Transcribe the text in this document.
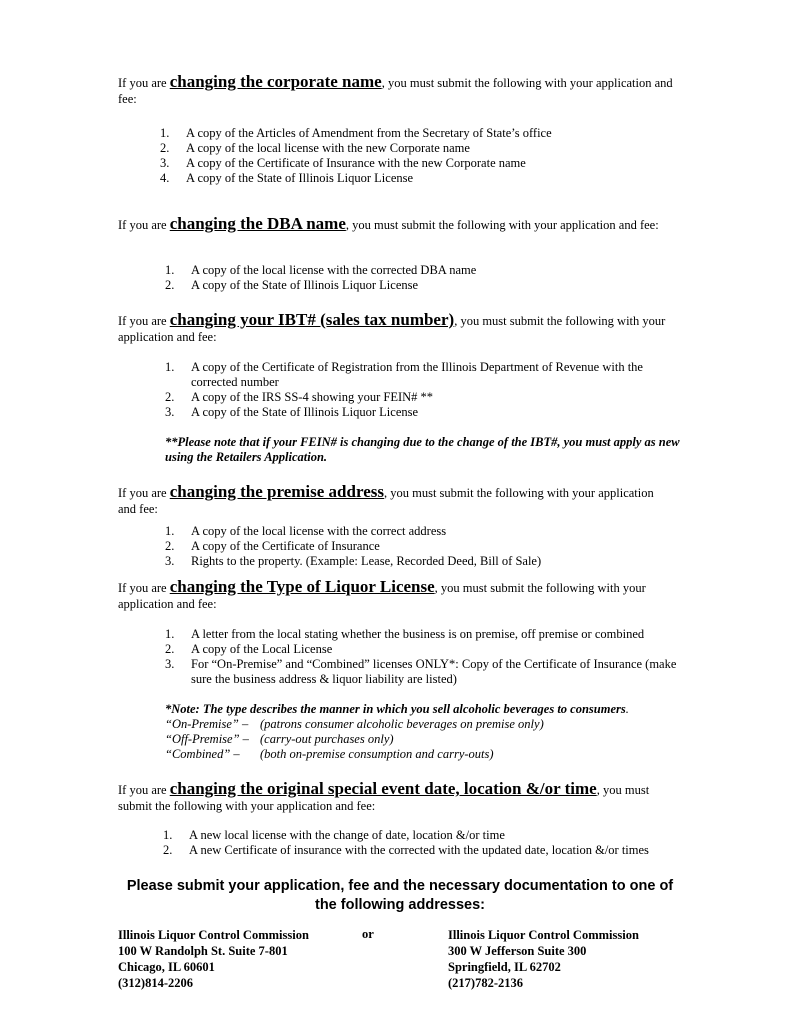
If you are changing the corporate name, you must submit the following with your application and fee:
1. A copy of the Articles of Amendment from the Secretary of State’s office
2. A copy of the local license with the new Corporate name
3. A copy of the Certificate of Insurance with the new Corporate name
4. A copy of the State of Illinois Liquor License
If you are changing the DBA name, you must submit the following with your application and fee:
1. A copy of the local license with the corrected DBA name
2. A copy of the State of Illinois Liquor License
If you are changing your IBT# (sales tax number), you must submit the following with your application and fee:
1. A copy of the Certificate of Registration from the Illinois Department of Revenue with the corrected number
2. A copy of the IRS SS-4 showing your FEIN# **
3. A copy of the State of Illinois Liquor License
**Please note that if your FEIN# is changing due to the change of the IBT#, you must apply as new using the Retailers Application.
If you are changing the premise address, you must submit the following with your application and fee:
1. A copy of the local license with the correct address
2. A copy of the Certificate of Insurance
3. Rights to the property. (Example: Lease, Recorded Deed, Bill of Sale)
If you are changing the Type of Liquor License, you must submit the following with your application and fee:
1. A letter from the local stating whether the business is on premise, off premise or combined
2. A copy of the Local License
3. For “On-Premise” and “Combined” licenses ONLY*: Copy of the Certificate of Insurance (make sure the business address & liquor liability are listed)
*Note: The type describes the manner in which you sell alcoholic beverages to consumers.
“On-Premise” – (patrons consumer alcoholic beverages on premise only)
“Off-Premise” – (carry-out purchases only)
“Combined” – (both on-premise consumption and carry-outs)
If you are changing the original special event date, location &/or time, you must submit the following with your application and fee:
1. A new local license with the change of date, location &/or time
2. A new Certificate of insurance with the corrected with the updated date, location &/or times
Please submit your application, fee and the necessary documentation to one of
the following addresses:
Illinois Liquor Control Commission
100 W Randolph St. Suite 7-801
Chicago, IL 60601
(312)814-2206
or	Illinois Liquor Control Commission
300 W Jefferson Suite 300
Springfield, IL 62702
(217)782-2136
